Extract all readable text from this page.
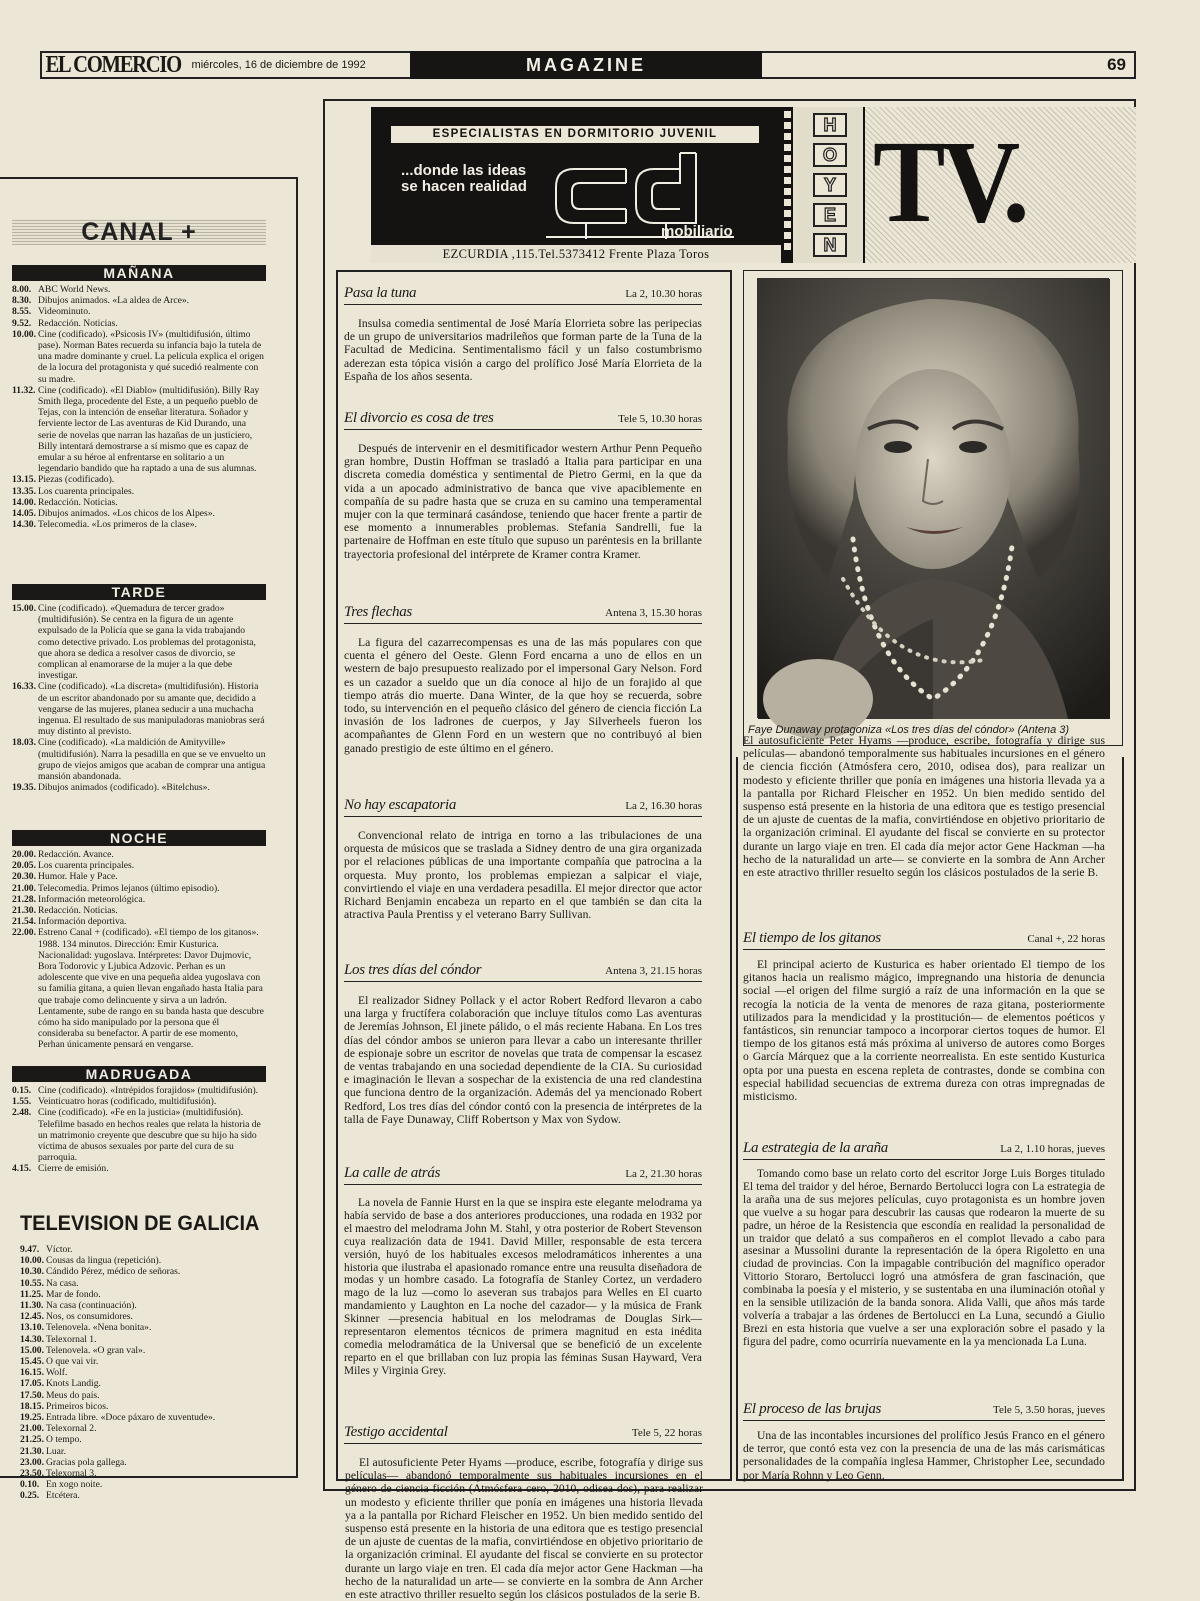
EL COMERCIO miércoles, 16 de diciembre de 1992	MAGAZINE	69
CANAL +
MAÑANA
8.00. ABC World News.
8.30. Dibujos animados. «La aldea de Arce».
8.55. Videominuto.
9.52. Redacción. Noticias.
10.00. Cine (codificado). «Psicosis IV» (multidifusión, último pase). Norman Bates recuerda su infancia bajo la tutela de una madre dominante y cruel. La película explica el origen de la locura del protagonista y qué sucedió realmente con su madre.
11.32. Cine (codificado). «El Diablo» (multidifusión). Billy Ray Smith llega, procedente del Este, a un pequeño pueblo de Tejas, con la intención de enseñar literatura. Soñador y ferviente lector de Las aventuras de Kid Durando, una serie de novelas que narran las hazañas de un justiciero, Billy intentará demostrarse a sí mismo que es capaz de emular a su héroe al enfrentarse en solitario a un legendario bandido que ha raptado a una de sus alumnas.
13.15. Piezas (codificado).
13.35. Los cuarenta principales.
14.00. Redacción. Noticias.
14.05. Dibujos animados. «Los chicos de los Alpes».
14.30. Telecomedia. «Los primeros de la clase».
TARDE
15.00. Cine (codificado). «Quemadura de tercer grado» (multidifusión). Se centra en la figura de un agente expulsado de la Policía que se gana la vida trabajando como detective privado. Los problemas del protagonista, que ahora se dedica a resolver casos de divorcio, se complican al enamorarse de la mujer a la que debe investigar.
16.33. Cine (codificado). «La discreta» (multidifusión). Historia de un escritor abandonado por su amante que, decidido a vengarse de las mujeres, planea seducir a una muchacha ingenua. El resultado de sus manipuladoras maniobras será muy distinto al previsto.
18.03. Cine (codificado). «La maldición de Amityville» (multidifusión). Narra la pesadilla en que se ve envuelto un grupo de viejos amigos que acaban de comprar una antigua mansión abandonada.
19.35. Dibujos animados (codificado). «Bitelchus».
NOCHE
20.00. Redacción. Avance.
20.05. Los cuarenta principales.
20.30. Humor. Hale y Pace.
21.00. Telecomedia. Primos lejanos (último episodio).
21.28. Información meteorológica.
21.30. Redacción. Noticias.
21.54. Información deportiva.
22.00. Estreno Canal + (codificado). «El tiempo de los gitanos». 1988. 134 minutos. Dirección: Emir Kusturica. Nacionalidad: yugoslava. Intérpretes: Davor Dujmovic, Bora Todorovic y Ljubica Adzovic. Perhan es un adolescente que vive en una pequeña aldea yugoslava con su familia gitana, a quien llevan engañado hasta Italia para que trabaje como delincuente y sirva a un ladrón. Lentamente, sube de rango en su banda hasta que descubre cómo ha sido manipulado por la persona que él consideraba su benefactor. A partir de ese momento, Perhan únicamente pensará en vengarse.
MADRUGADA
0.15. Cine (codificado). «Intrépidos forajidos» (multidifusión).
1.55. Veinticuatro horas (codificado, multidifusión).
2.48. Cine (codificado). «Fe en la justicia» (multidifusión). Telefilme basado en hechos reales que relata la historia de un matrimonio creyente que descubre que su hijo ha sido víctima de abusos sexuales por parte del cura de su parroquia.
4.15. Cierre de emisión.
TELEVISION DE GALICIA
9.47. Víctor.
10.00. Cousas da lingua (repetición).
10.30. Cándido Pérez, médico de señoras.
10.55. Na casa.
11.25. Mar de fondo.
11.30. Na casa (continuación).
12.45. Nos, os consumidores.
13.10. Telenovela. «Nena bonita».
14.30. Telexornal 1.
15.00. Telenovela. «O gran val».
15.45. O que vai vir.
16.15. Wolf.
17.05. Knots Landig.
17.50. Meus do país.
18.15. Primeiros bicos.
19.25. Entrada libre. «Doce páxaro de xuventude».
21.00. Telexornal 2.
21.25. O tempo.
21.30. Luar.
23.00. Gracias pola gallega.
23.50. Telexornal 3.
0.10. En xogo noite.
0.25. Etcétera.
ESPECIALISTAS EN DORMITORIO JUVENIL
...donde las ideas se hacen realidad
mobiliario
EZCURDIA ,115.Tel.5373412 Frente Plaza Toros
H
O
Y
E
N TV.
Faye Dunaway protagoniza «Los tres días del cóndor» (Antena 3)
Pasa la tuna	La 2, 10.30 horas

Insulsa comedia sentimental de José María Elorrieta sobre las peripecias de un grupo de universitarios madrileños que forman parte de la Tuna de la Facultad de Medicina. Sentimentalismo fácil y un falso costumbrismo aderezan esta tópica visión a cargo del prolífico José María Elorrieta de la España de los años sesenta.

El divorcio es cosa de tres	Tele 5, 10.30 horas

Después de intervenir en el desmitificador western Arthur Penn Pequeño gran hombre, Dustin Hoffman se trasladó a Italia para participar en una discreta comedia doméstica y sentimental de Pietro Germi, en la que da vida a un apocado administrativo de banca que vive apaciblemente en compañía de su padre hasta que se cruza en su camino una temperamental mujer con la que terminará casándose, teniendo que hacer frente a partir de ese momento a innumerables problemas. Stefania Sandrelli, fue la partenaire de Hoffman en este título que supuso un paréntesis en la brillante trayectoria profesional del intérprete de Kramer contra Kramer.

Tres flechas	Antena 3, 15.30 horas

La figura del cazarrecompensas es una de las más populares con que cuenta el género del Oeste. Glenn Ford encarna a uno de ellos en un western de bajo presupuesto realizado por el impersonal Gary Nelson. Ford es un cazador a sueldo que un día conoce al hijo de un forajido al que tiempo atrás dio muerte. Dana Winter, de la que hoy se recuerda, sobre todo, su intervención en el pequeño clásico del género de ciencia ficción La invasión de los ladrones de cuerpos, y Jay Silverheels fueron los acompañantes de Glenn Ford en un western que no contribuyó al bien ganado prestigio de este último en el género.

No hay escapatoria	La 2, 16.30 horas

Convencional relato de intriga en torno a las tribulaciones de una orquesta de músicos que se traslada a Sidney dentro de una gira organizada por el relaciones públicas de una importante compañía que patrocina a la orquesta. Muy pronto, los problemas empiezan a salpicar el viaje, convirtiendo el viaje en una verdadera pesadilla. El mejor director que actor Richard Benjamin encabeza un reparto en el que también se dan cita la atractiva Paula Prentiss y el veterano Barry Sullivan.

Los tres días del cóndor	Antena 3, 21.15 horas

El realizador Sidney Pollack y el actor Robert Redford llevaron a cabo una larga y fructífera colaboración que incluye títulos como Las aventuras de Jeremías Johnson, El jinete pálido, o el más reciente Habana. En Los tres días del cóndor ambos se unieron para llevar a cabo un interesante thriller de espionaje sobre un escritor de novelas que trata de compensar la escasez de ventas trabajando en una sociedad dependiente de la CIA. Su curiosidad e imaginación le llevan a sospechar de la existencia de una red clandestina que funciona dentro de la organización. Además del ya mencionado Robert Redford, Los tres días del cóndor contó con la presencia de intérpretes de la talla de Faye Dunaway, Cliff Robertson y Max von Sydow.

La calle de atrás	La 2, 21.30 horas

La novela de Fannie Hurst en la que se inspira este elegante melodrama ya había servido de base a dos anteriores producciones, una rodada en 1932 por el maestro del melodrama John M. Stahl, y otra posterior de Robert Stevenson cuya realización data de 1941. David Miller, responsable de esta tercera versión, huyó de los habituales excesos melodramáticos inherentes a una historia que ilustraba el apasionado romance entre una reusulta diseñadora de modas y un hombre casado. La fotografía de Stanley Cortez, un verdadero mago de la luz —como lo aseveran sus trabajos para Welles en El cuarto mandamiento y Laughton en La noche del cazador— y la música de Frank Skinner —presencia habitual en los melodramas de Douglas Sirk— representaron elementos técnicos de primera magnitud en esta inédita comedia melodramática de la Universal que se benefició de un excelente reparto en el que brillaban con luz propia las féminas Susan Hayward, Vera Miles y Virginia Grey.

Testigo accidental	Tele 5, 22 horas

El autosuficiente Peter Hyams —produce, escribe, fotografía y dirige sus películas— abandonó temporalmente sus habituales incursiones en el género de ciencia ficción (Atmósfera cero, 2010, odisea dos), para realizar un modesto y eficiente thriller que ponía en imágenes una historia llevada ya a la pantalla por Richard Fleischer en 1952. Un bien medido sentido del suspenso está presente en la historia de una editora que es testigo presencial de un ajuste de cuentas de la mafia, convirtiéndose en objetivo prioritario de la organización criminal. El ayudante del fiscal se convierte en su protector durante un largo viaje en tren. El cada día mejor actor Gene Hackman —ha hecho de la naturalidad un arte— se convierte en la sombra de Ann Archer en este atractivo thriller resuelto según los clásicos postulados de la serie B.

El autosuficiente Peter Hyams —produce, escribe, fotografía y dirige sus películas— abandonó temporalmente sus habituales incursiones en el género de ciencia ficción (Atmósfera cero, 2010, odisea dos), para realizar un modesto y eficiente thriller que ponía en imágenes una historia llevada ya a la pantalla por Richard Fleischer en 1952. Un bien medido sentido del suspenso está presente en la historia de una editora que es testigo presencial de un ajuste de cuentas de la mafia, convirtiéndose en objetivo prioritario de la organización criminal. El ayudante del fiscal se convierte en su protector durante un largo viaje en tren. El cada día mejor actor Gene Hackman —ha hecho de la naturalidad un arte— se convierte en la sombra de Ann Archer en este atractivo thriller resuelto según los clásicos postulados de la serie B.

El tiempo de los gitanos	Canal +, 22 horas

El principal acierto de Kusturica es haber orientado El tiempo de los gitanos hacia un realismo mágico, impregnando una historia de denuncia social —el origen del filme surgió a raíz de una información en la que se recogía la noticia de la venta de menores de raza gitana, posteriormente utilizados para la mendicidad y la prostitución— de elementos poéticos y fantásticos, sin renunciar tampoco a incorporar ciertos toques de humor. El tiempo de los gitanos está más próxima al universo de autores como Borges o García Márquez que a la corriente neorrealista. En este sentido Kusturica opta por una puesta en escena repleta de contrastes, donde se combina con especial habilidad secuencias de extrema dureza con otras impregnadas de misticismo.

La estrategia de la araña	La 2, 1.10 horas, jueves

Tomando como base un relato corto del escritor Jorge Luis Borges titulado El tema del traidor y del héroe, Bernardo Bertolucci logra con La estrategia de la araña una de sus mejores películas, cuyo protagonista es un hombre joven que vuelve a su hogar para descubrir las causas que rodearon la muerte de su padre, un héroe de la Resistencia que escondía en realidad la personalidad de un traidor que delató a sus compañeros en el complot llevado a cabo para asesinar a Mussolini durante la representación de la ópera Rigoletto en una ciudad de provincias. Con la impagable contribución del magnífico operador Vittorio Storaro, Bertolucci logró una atmósfera de gran fascinación, que combinaba la poesía y el misterio, y se sustentaba en una iluminación otoñal y en la sensible utilización de la banda sonora. Alida Valli, que años más tarde volvería a trabajar a las órdenes de Bertolucci en La Luna, secundó a Giulio Brezi en esta historia que vuelve a ser una exploración sobre el pasado y la figura del padre, como ocurriría nuevamente en la ya mencionada La Luna.

El proceso de las brujas	Tele 5, 3.50 horas, jueves

Una de las incontables incursiones del prolífico Jesús Franco en el género de terror, que contó esta vez con la presencia de una de las más carismáticas personalidades de la compañía inglesa Hammer, Christopher Lee, secundado por María Rohnn y Leo Genn.
